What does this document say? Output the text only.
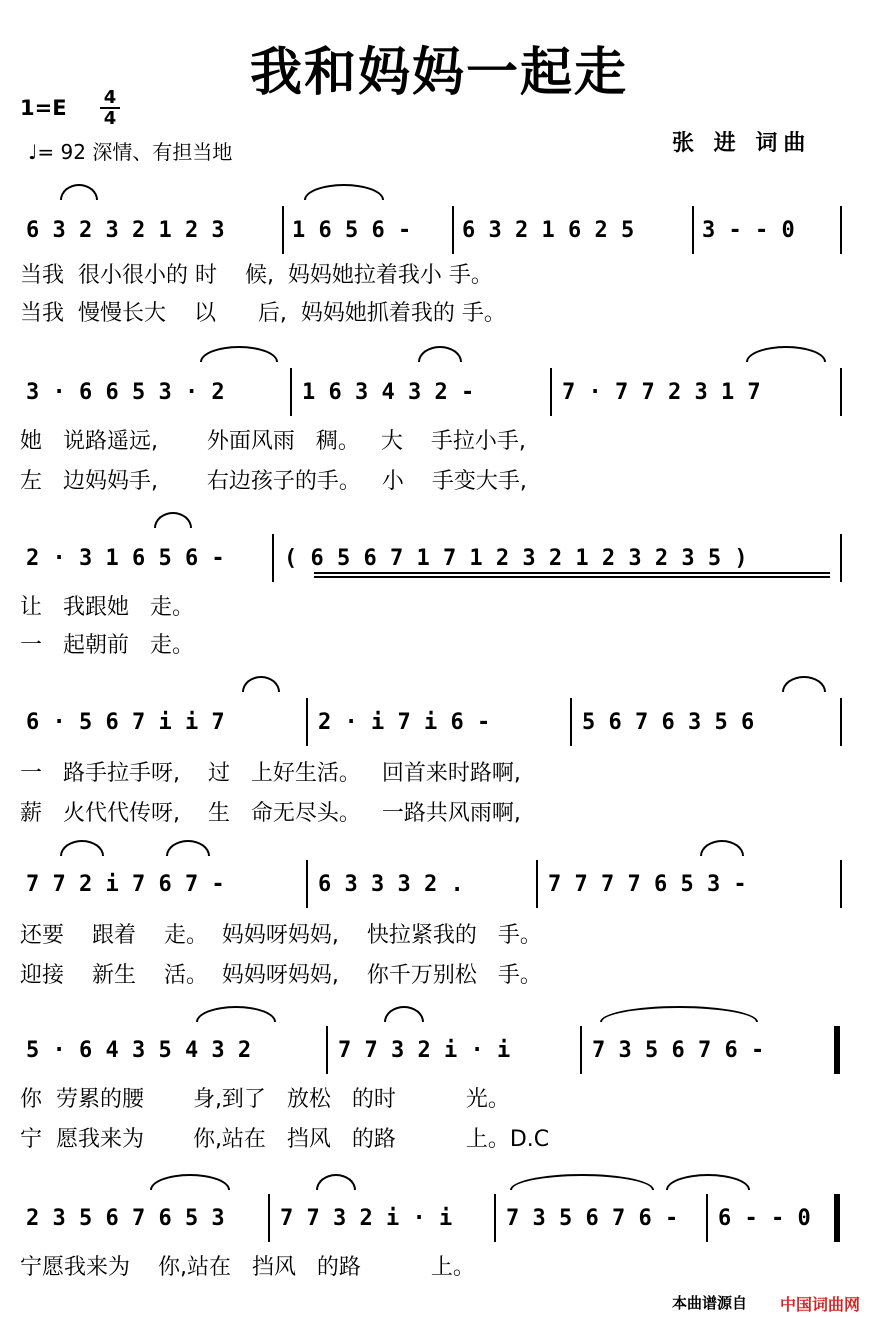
我和妈妈一起走
1=E 4
4
♩= 92 深情、有担当地	张 进 词曲
6 3 2 3 2 1 2 3	1 6 5 6 -	6 3 2 1 6 2 5	3 - - 0
当我  很小很小的 时    候,  妈妈她拉着我小 手。
当我  慢慢长大    以      后,  妈妈她抓着我的 手。
3 · 6 6 5 3 · 2	1 6 3 4 3 2 -	7 · 7 7 2 3 1 7
她   说路遥远,       外面风雨   稠。   大    手拉小手,
左   边妈妈手,       右边孩子的手。   小    手变大手,
2 · 3 1 6 5 6 -	( 6 5 6 7 1 7 1 2 3 2 1 2 3 2 3 5 )
让   我跟她   走。
一   起朝前   走。
6 · 5 6 7 i i 7	2 · i 7 i 6 -	5 6 7 6 3 5 6
一   路手拉手呀,    过   上好生活。   回首来时路啊,
薪   火代代传呀,    生   命无尽头。   一路共风雨啊,
7 7 2 i 7 6 7 -	6 3 3 3 2 .	7 7 7 7 6 5 3 -
还要    跟着    走。  妈妈呀妈妈,    快拉紧我的   手。
迎接    新生    活。  妈妈呀妈妈,    你千万别松   手。
5 · 6 4 3 5 4 3 2	7 7 3 2 i · i	7 3 5 6 7 6 -
你  劳累的腰       身,到了   放松   的时          光。
宁  愿我来为       你,站在   挡风   的路          上。D.C
2 3 5 6 7 6 5 3	7 7 3 2 i · i	7 3 5 6 7 6 -	6 - - 0
宁愿我来为    你,站在   挡风   的路          上。
本曲谱源自 中国词曲网
